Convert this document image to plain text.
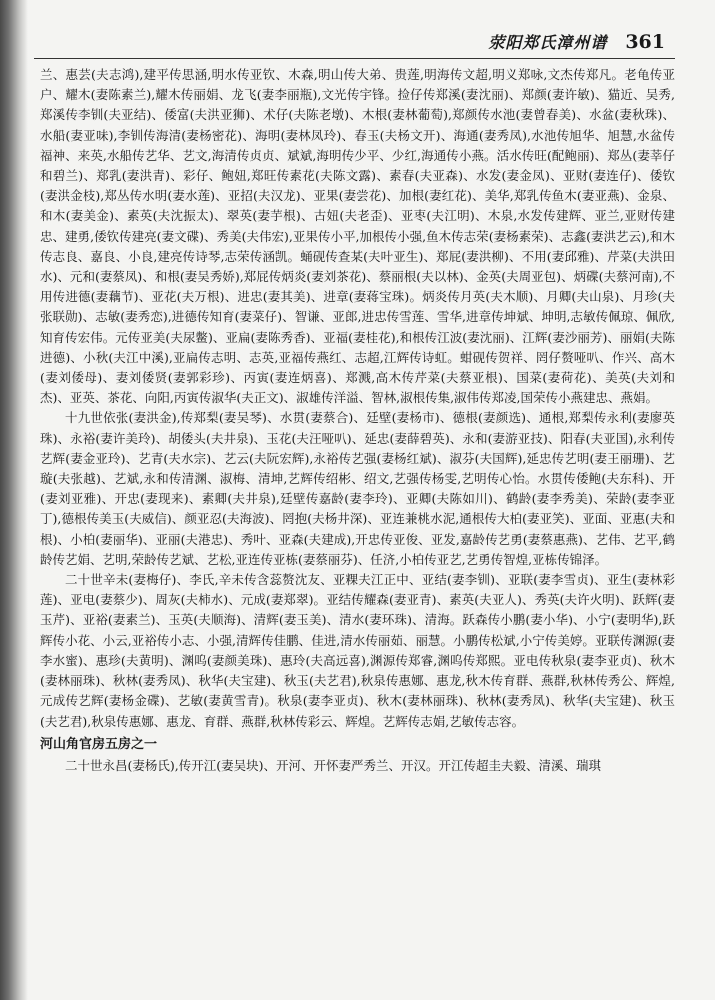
荥阳郑氏漳州谱 361

兰、惠芸(夫志鸿),建平传思涵,明水传亚钦、木森,明山传大弟、贵莲,明海传文超,明义郑咏,文杰传郑凡。老龟传亚户、耀木(妻陈素兰),耀木传丽娟、龙飞(妻李丽瓶),文光传宇锋。捡仔传郑溪(妻沈丽)、郑颜(妻许敏)、猫近、吴秀,郑溪传李钏(夫亚结)、倭富(夫洪亚狮)、术仔(夫陈老墩)、木根(妻林葡萄),郑颜传水池(妻曾春美)、水盆(妻秋珠)、水船(妻亚味),李钏传海清(妻杨密花)、海明(妻林凤玲)、春玉(夫杨文开)、海通(妻秀凤),水池传旭华、旭慧,水盆传福神、来英,水船传艺华、艺文,海清传贞贞、斌斌,海明传少平、少红,海通传小燕。活水传旺(配鲍丽)、郑丛(妻莘仔和碧兰)、郑乳(妻洪青)、彩仔、鲍妞,郑旺传素花(夫陈文露)、素春(夫亚森)、水发(妻金凤)、亚财(妻连仔)、倭钦(妻洪金枝),郑丛传水明(妻水莲)、亚招(夫汉龙)、亚果(妻尝花)、加根(妻红花)、美华,郑乳传鱼木(妻亚燕)、金泉、和木(妻美金)、素英(夫沈振太)、翠英(妻芋根)、古妞(夫老歪)、亚枣(夫江明)、木泉,水发传建辉、亚兰,亚财传建忠、建勇,倭钦传建亮(妻文碟)、秀美(夫伟宏),亚果传小平,加根传小强,鱼木传志荣(妻杨素荣)、志鑫(妻洪艺云),和木传志良、嘉良、小良,建亮传诗琴,志荣传涵凯。蛹砚传查某(夫叶亚生)、郑屁(妻洪柳)、不用(妻邱雅)、芹菜(夫洪田水)、元和(妻蔡凤)、和根(妻吴秀娇),郑屁传炳炎(妻刘茶花)、蔡丽根(夫以林)、金英(夫周亚包)、炳碟(夫蔡河南),不用传进德(妻藕节)、亚花(夫万根)、进忠(妻其美)、进章(妻蒋宝珠)。炳炎传月英(夫木顺)、月卿(夫山泉)、月珍(夫张联勋)、志敏(妻秀恋),进德传知育(妻菜仔)、智谦、亚郎,进忠传雪莲、雪华,进章传坤斌、坤明,志敏传佩琼、佩欣,知育传宏伟。元传亚美(夫尿鳖)、亚扁(妻陈秀香)、亚福(妻桂花),和根传江波(妻沈丽)、江辉(妻沙丽芳)、丽娟(夫陈进德)、小秋(夫江中溪),亚扁传志明、志英,亚福传燕红、志超,江辉传诗虹。蚶砚传贺祥、罔仔赘哑叭、作兴、高木(妻刘倭母)、妻刘倭贤(妻郭彩珍)、丙寅(妻连炳喜)、郑溅,高木传芹菜(夫蔡亚根)、国菜(妻荷花)、美英(夫刘和杰)、亚英、茶花、向阳,丙寅传淑华(夫正文)、淑雄传洋溢、智林,淑根传集,淑伟传郑凌,国荣传小燕建忠、燕娟。

十九世依张(妻洪金),传郑梨(妻吴琴)、水贯(妻蔡合)、廷壁(妻杨市)、德根(妻颜选)、通根,郑梨传永利(妻廖英珠)、永裕(妻许美玲)、胡倭头(夫井泉)、玉花(夫汪哑叭)、延忠(妻薛碧英)、永和(妻游亚技)、阳春(夫亚国),永利传艺辉(妻金亚玲)、艺青(夫水宗)、艺云(夫阮宏辉),永裕传艺强(妻杨红斌)、淑芬(夫国辉),延忠传艺明(妻王丽珊)、艺璇(夫张越)、艺斌,永和传清渊、淑梅、清坤,艺辉传绍彬、绍文,艺强传杨雯,艺明传心怡。水贯传倭鲍(夫东科)、开(妻刘亚雅)、开忠(妻现来)、素卿(夫井泉),廷壁传嘉龄(妻李玲)、亚卿(夫陈如川)、鹤龄(妻李秀美)、荣龄(妻李亚丁),德根传美玉(夫威信)、颜亚忍(夫海波)、罔抱(夫杨井深)、亚连兼桃水泥,通根传大柏(妻亚笑)、亚面、亚惠(夫和根)、小柏(妻丽华)、亚丽(夫港忠)、秀叶、亚森(夫建成),开忠传亚俊、亚发,嘉龄传艺勇(妻蔡惠燕)、艺伟、艺平,鹤龄传艺娟、艺明,荣龄传艺斌、艺松,亚连传亚栋(妻蔡丽芬)、任济,小柏传亚艺,艺勇传智煌,亚栋传锦泽。

二十世辛未(妻梅仔)、李氏,辛未传含蕊赘沈友、亚粿夫江正中、亚结(妻李钏)、亚联(妻李雪贞)、亚生(妻林彩莲)、亚电(妻蔡少)、周灰(夫柿水)、元成(妻郑翠)。亚结传耀森(妻亚青)、素英(夫亚人)、秀英(夫许火明)、跃辉(妻玉芹)、亚裕(妻素兰)、玉英(夫顺海)、清辉(妻玉美)、清水(妻环珠)、清海。跃森传小鹏(妻小华)、小宁(妻明华),跃辉传小花、小云,亚裕传小志、小强,清辉传佳鹏、佳进,清水传丽茹、丽慧。小鹏传松斌,小宁传美婷。亚联传渊源(妻李水蜜)、惠珍(夫黄明)、渊呜(妻颜美珠)、惠玲(夫高远喜),渊源传郑睿,渊呜传郑熙。亚电传秋泉(妻李亚贞)、秋木(妻林丽珠)、秋林(妻秀凤)、秋华(夫宝建)、秋玉(夫艺君),秋泉传惠娜、惠龙,秋木传育群、燕群,秋林传秀公、辉煌,元成传艺辉(妻杨金碟)、艺敏(妻黄雪青)。秋泉(妻李亚贞)、秋木(妻林丽珠)、秋林(妻秀凤)、秋华(夫宝建)、秋玉(夫艺君),秋泉传惠娜、惠龙、育群、燕群,秋林传彩云、辉煌。艺辉传志娟,艺敏传志容。

河山角官房五房之一

二十世永昌(妻杨氏),传开江(妻吴块)、开河、开怀妻严秀兰、开汉。开江传超圭夫毅、清溪、瑞琪
